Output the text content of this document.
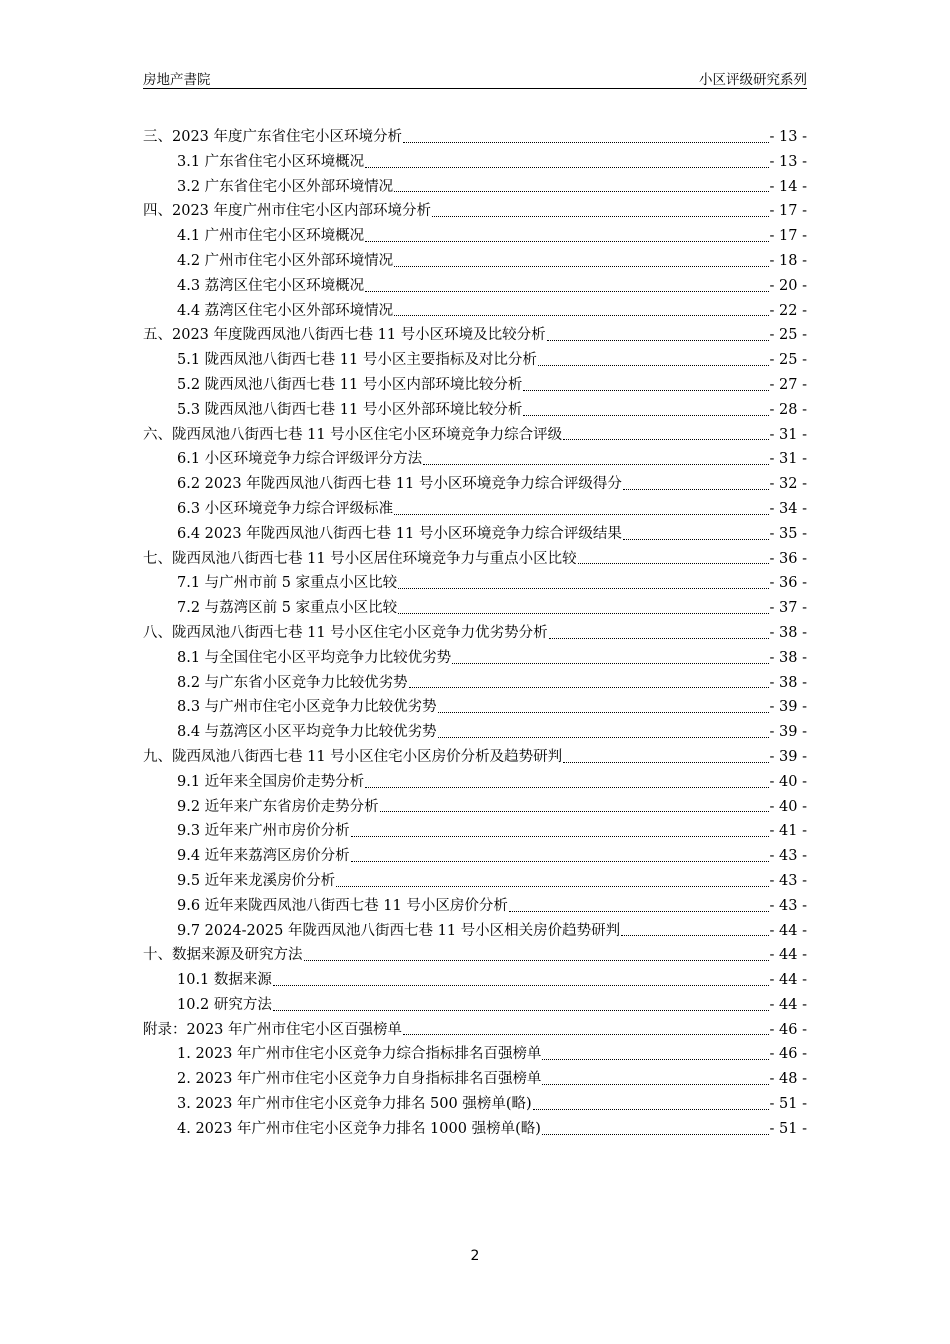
房地产書院	小区评级研究系列
三、2023 年度广东省住宅小区环境分析	- 13 -
3.1 广东省住宅小区环境概况	- 13 -
3.2 广东省住宅小区外部环境情况	- 14 -
四、2023 年度广州市住宅小区内部环境分析	- 17 -
4.1 广州市住宅小区环境概况	- 17 -
4.2 广州市住宅小区外部环境情况	- 18 -
4.3 荔湾区住宅小区环境概况	- 20 -
4.4 荔湾区住宅小区外部环境情况	- 22 -
五、2023 年度陇西凤池八街西七巷 11 号小区环境及比较分析	- 25 -
5.1 陇西凤池八街西七巷 11 号小区主要指标及对比分析	- 25 -
5.2 陇西凤池八街西七巷 11 号小区内部环境比较分析	- 27 -
5.3 陇西凤池八街西七巷 11 号小区外部环境比较分析	- 28 -
六、陇西凤池八街西七巷 11 号小区住宅小区环境竞争力综合评级	- 31 -
6.1 小区环境竞争力综合评级评分方法	- 31 -
6.2 2023 年陇西凤池八街西七巷 11 号小区环境竞争力综合评级得分	- 32 -
6.3 小区环境竞争力综合评级标准	- 34 -
6.4 2023 年陇西凤池八街西七巷 11 号小区环境竞争力综合评级结果	- 35 -
七、陇西凤池八街西七巷 11 号小区居住环境竞争力与重点小区比较	- 36 -
7.1 与广州市前 5 家重点小区比较	- 36 -
7.2 与荔湾区前 5 家重点小区比较	- 37 -
八、陇西凤池八街西七巷 11 号小区住宅小区竞争力优劣势分析	- 38 -
8.1 与全国住宅小区平均竞争力比较优劣势	- 38 -
8.2 与广东省小区竞争力比较优劣势	- 38 -
8.3 与广州市住宅小区竞争力比较优劣势	- 39 -
8.4 与荔湾区小区平均竞争力比较优劣势	- 39 -
九、陇西凤池八街西七巷 11 号小区住宅小区房价分析及趋势研判	- 39 -
9.1 近年来全国房价走势分析	- 40 -
9.2 近年来广东省房价走势分析	- 40 -
9.3 近年来广州市房价分析	- 41 -
9.4 近年来荔湾区房价分析	- 43 -
9.5 近年来龙溪房价分析	- 43 -
9.6 近年来陇西凤池八街西七巷 11 号小区房价分析	- 43 -
9.7 2024-2025 年陇西凤池八街西七巷 11 号小区相关房价趋势研判	- 44 -
十、数据来源及研究方法	- 44 -
10.1 数据来源	- 44 -
10.2 研究方法	- 44 -
附录：2023 年广州市住宅小区百强榜单	- 46 -
1. 2023 年广州市住宅小区竞争力综合指标排名百强榜单	- 46 -
2. 2023 年广州市住宅小区竞争力自身指标排名百强榜单	- 48 -
3. 2023 年广州市住宅小区竞争力排名 500 强榜单(略)	- 51 -
4. 2023 年广州市住宅小区竞争力排名 1000 强榜单(略)	- 51 -
2
